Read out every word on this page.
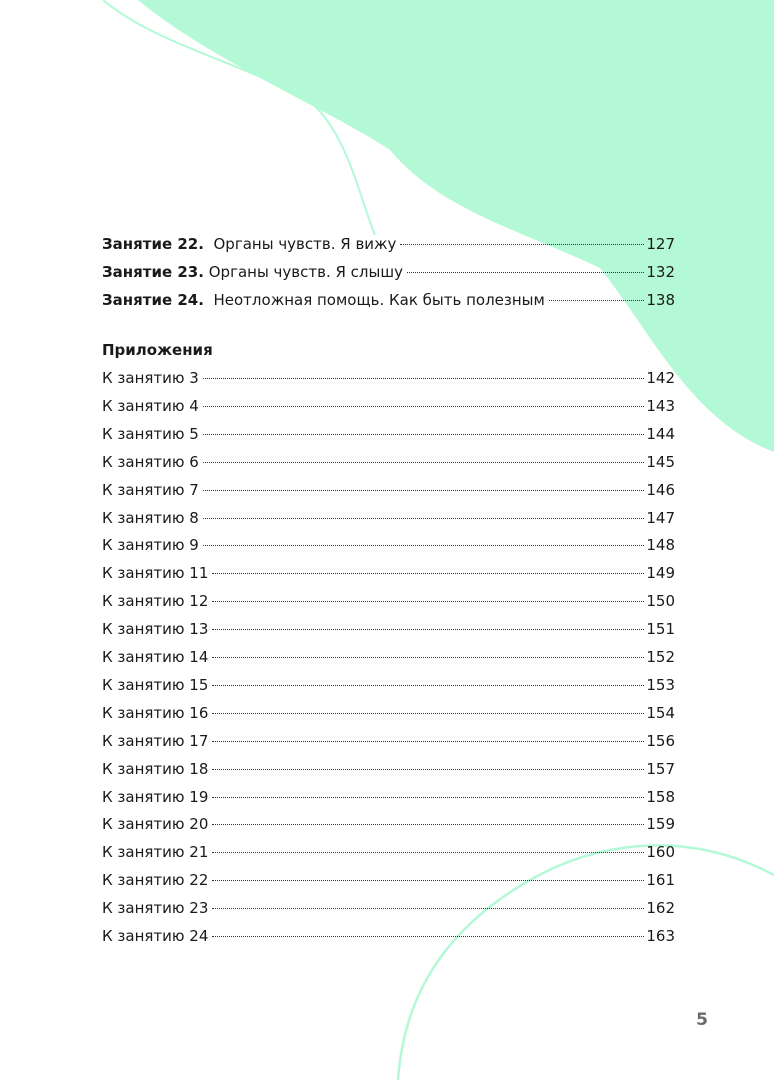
Занятие 22. Органы чувств. Я вижу	127
Занятие 23. Органы чувств. Я слышу	132
Занятие 24. Неотложная помощь. Как быть полезным	138
Приложения
К занятию 3	142
К занятию 4	143
К занятию 5	144
К занятию 6	145
К занятию 7	146
К занятию 8	147
К занятию 9	148
К занятию 11	149
К занятию 12	150
К занятию 13	151
К занятию 14	152
К занятию 15	153
К занятию 16	154
К занятию 17	156
К занятию 18	157
К занятию 19	158
К занятию 20	159
К занятию 21	160
К занятию 22	161
К занятию 23	162
К занятию 24	163
5
